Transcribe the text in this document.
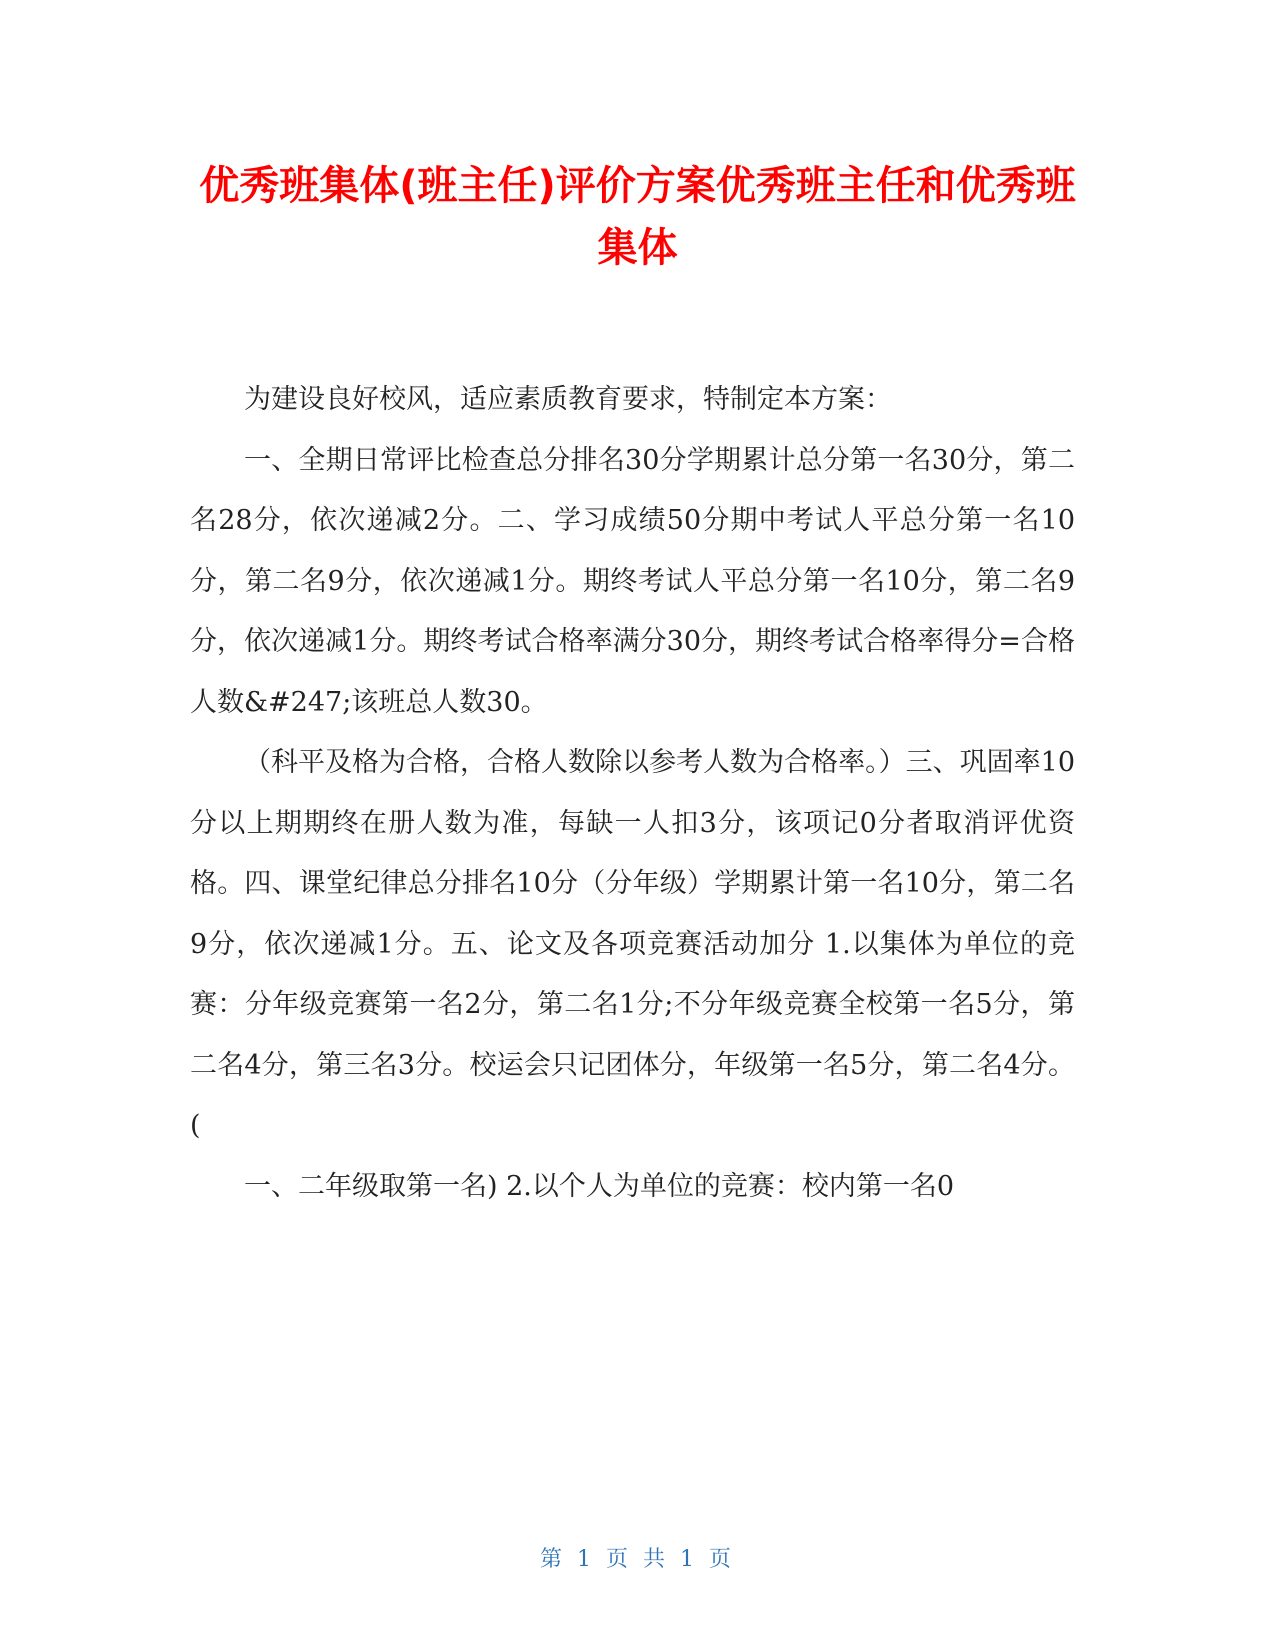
优秀班集体(班主任)评价方案优秀班主任和优秀班集体

为建设良好校风，适应素质教育要求，特制定本方案：

一、全期日常评比检查总分排名30分学期累计总分第一名30分，第二名28分，依次递减2分。二、学习成绩50分期中考试人平总分第一名10分，第二名9分，依次递减1分。期终考试人平总分第一名10分，第二名9分，依次递减1分。期终考试合格率满分30分，期终考试合格率得分=合格人数&#247;该班总人数30。

（科平及格为合格，合格人数除以参考人数为合格率。）三、巩固率10分以上期期终在册人数为准，每缺一人扣3分，该项记0分者取消评优资格。四、课堂纪律总分排名10分（分年级）学期累计第一名10分，第二名9分，依次递减1分。五、论文及各项竞赛活动加分 1.以集体为单位的竞赛：分年级竞赛第一名2分，第二名1分;不分年级竞赛全校第一名5分，第二名4分，第三名3分。校运会只记团体分，年级第一名5分，第二名4分。(

一、二年级取第一名) 2.以个人为单位的竞赛：校内第一名0

第 1 页 共 1 页
